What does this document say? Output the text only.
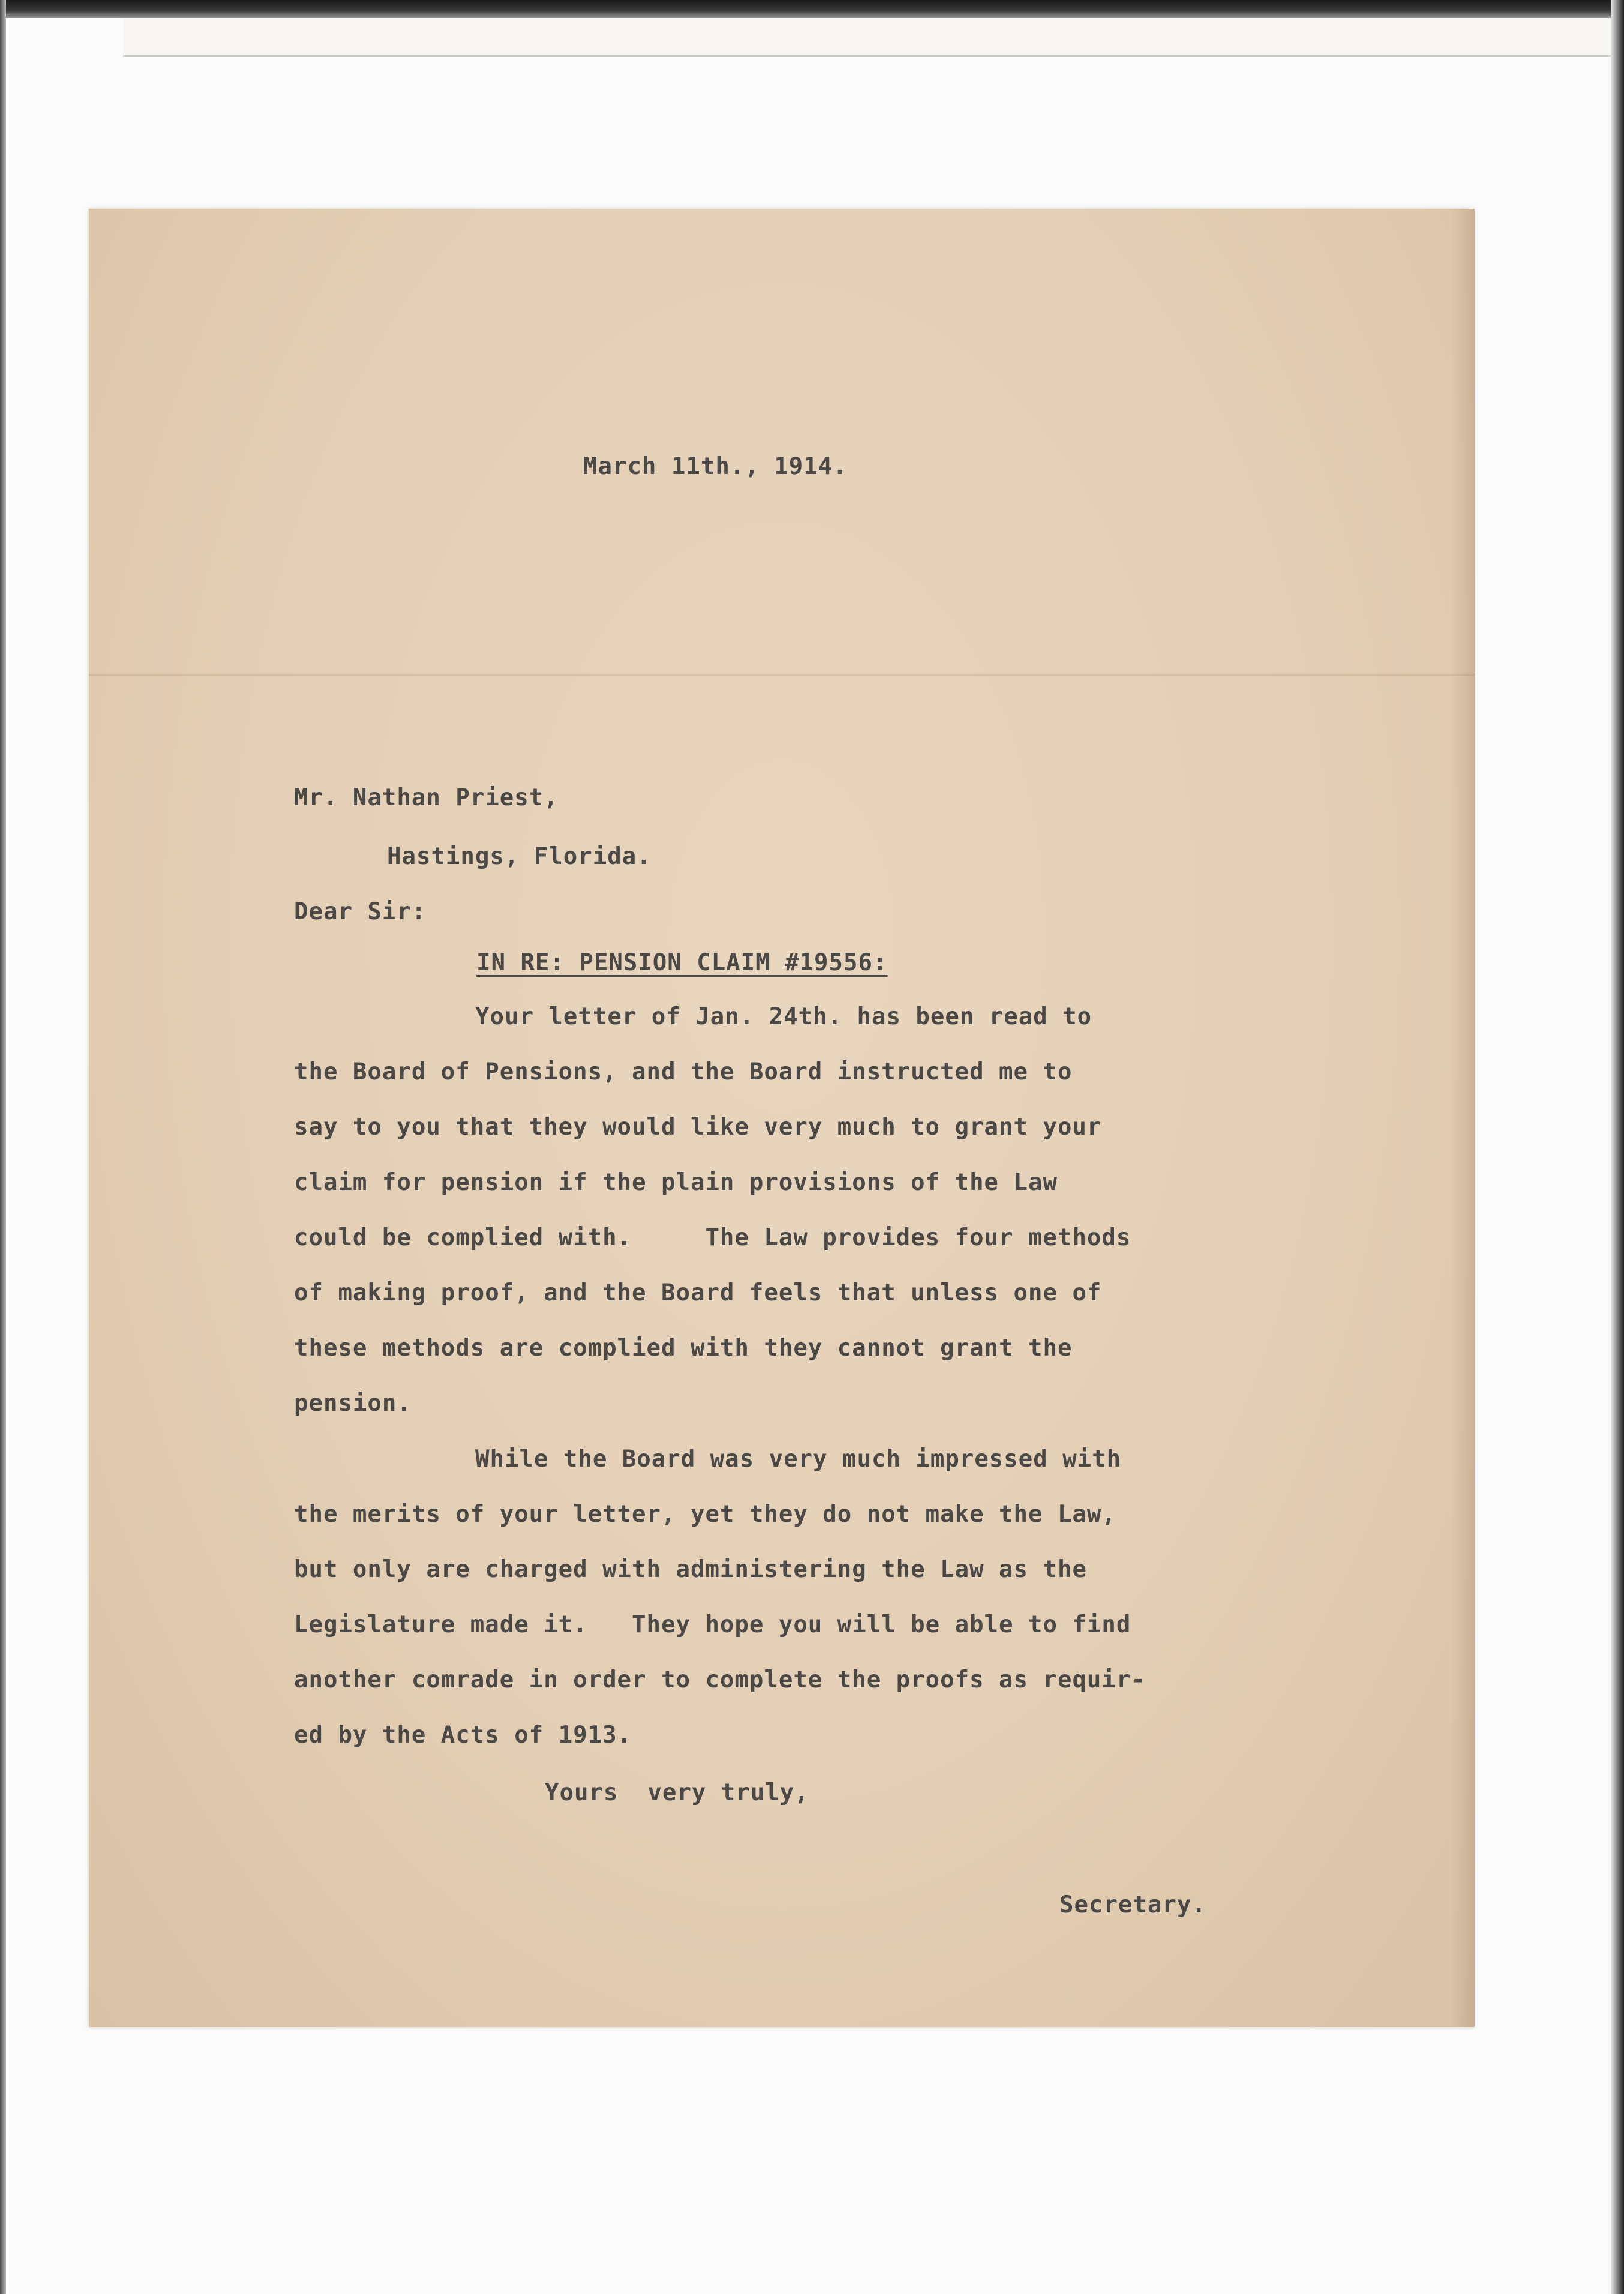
March 11th., 1914.
Mr. Nathan Priest,
Hastings, Florida.
Dear Sir:
IN RE: PENSION CLAIM #19556:
Your letter of Jan. 24th. has been read to
the Board of Pensions, and the Board instructed me to
say to you that they would like very much to grant your
claim for pension if the plain provisions of the Law
could be complied with.     The Law provides four methods
of making proof, and the Board feels that unless one of
these methods are complied with they cannot grant the
pension.
While the Board was very much impressed with
the merits of your letter, yet they do not make the Law,
but only are charged with administering the Law as the
Legislature made it.   They hope you will be able to find
another comrade in order to complete the proofs as requir-
ed by the Acts of 1913.
Yours  very truly,
Secretary.
